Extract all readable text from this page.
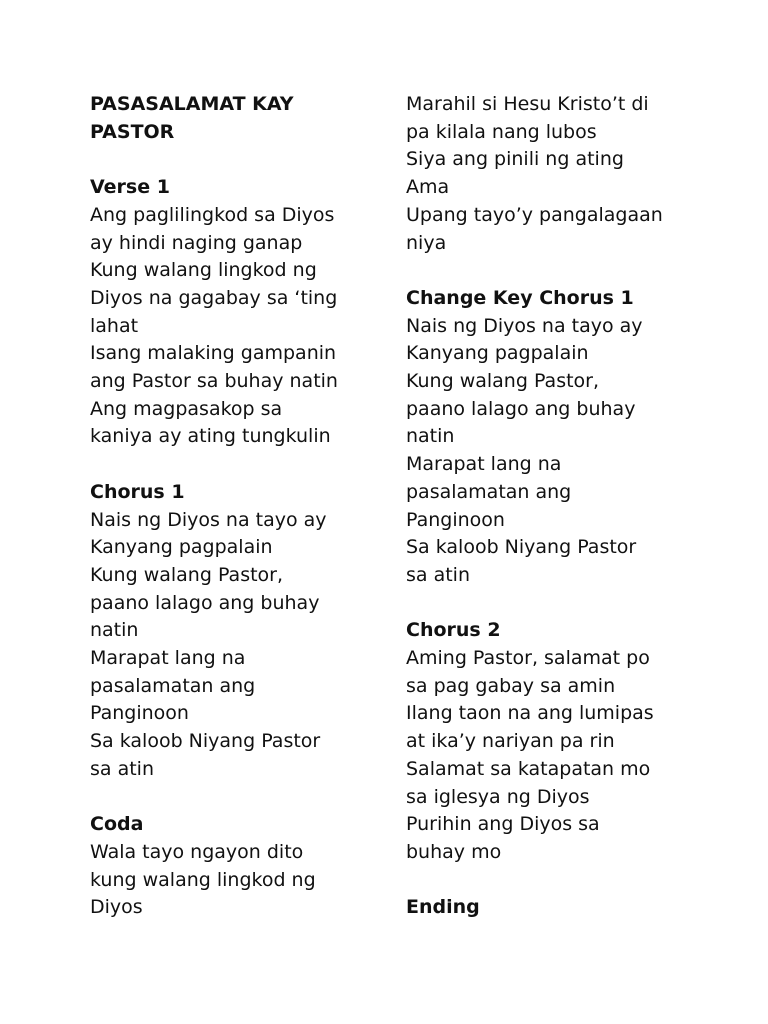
PASASALAMAT KAY
PASTOR
Verse 1
Ang paglilingkod sa Diyos
ay hindi naging ganap
Kung walang lingkod ng
Diyos na gagabay sa ‘ting
lahat
Isang malaking gampanin
ang Pastor sa buhay natin
Ang magpasakop sa
kaniya ay ating tungkulin
Chorus 1
Nais ng Diyos na tayo ay
Kanyang pagpalain
Kung walang Pastor,
paano lalago ang buhay
natin
Marapat lang na
pasalamatan ang
Panginoon
Sa kaloob Niyang Pastor
sa atin
Coda
Wala tayo ngayon dito
kung walang lingkod ng
Diyos
Marahil si Hesu Kristo’t di
pa kilala nang lubos
Siya ang pinili ng ating
Ama
Upang tayo’y pangalagaan
niya
Change Key Chorus 1
Nais ng Diyos na tayo ay
Kanyang pagpalain
Kung walang Pastor,
paano lalago ang buhay
natin
Marapat lang na
pasalamatan ang
Panginoon
Sa kaloob Niyang Pastor
sa atin
Chorus 2
Aming Pastor, salamat po
sa pag gabay sa amin
Ilang taon na ang lumipas
at ika’y nariyan pa rin
Salamat sa katapatan mo
sa iglesya ng Diyos
Purihin ang Diyos sa
buhay mo
Ending
